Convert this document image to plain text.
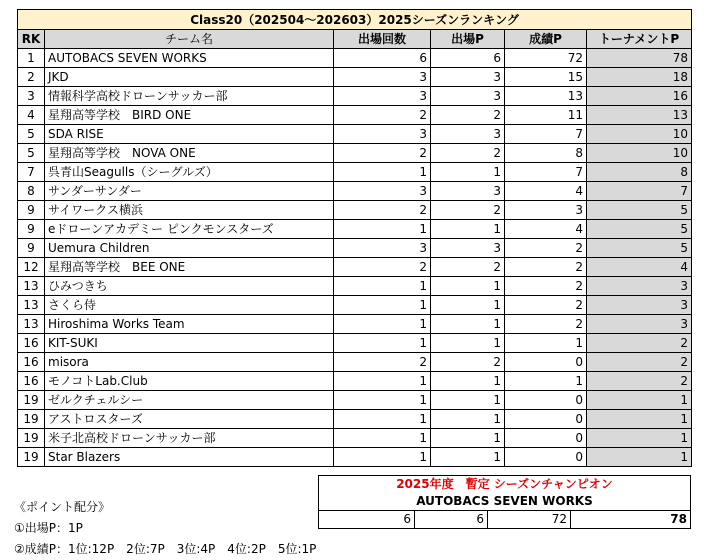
Class20（202504～202603）2025シーズンランキング					
RK	チーム名	出場回数	出場P	成績P	トーナメントP
1	AUTOBACS SEVEN WORKS	6	6	72	78
2	JKD	3	3	15	18
3	情報科学高校ドローンサッカー部	3	3	13	16
4	星翔高等学校　BIRD ONE	2	2	11	13
5	SDA RISE	3	3	7	10
5	星翔高等学校　NOVA ONE	2	2	8	10
7	呉青山Seagulls（シーグルズ）	1	1	7	8
8	サンダーサンダー	3	3	4	7
9	サイワークス横浜	2	2	3	5
9	eドローンアカデミー ピンクモンスターズ	1	1	4	5
9	Uemura Children	3	3	2	5
12	星翔高等学校　BEE ONE	2	2	2	4
13	ひみつきち	1	1	2	3
13	さくら侍	1	1	2	3
13	Hiroshima Works Team	1	1	2	3
16	KIT-SUKI	1	1	1	2
16	misora	2	2	0	2
16	モノコトLab.Club	1	1	1	2
19	ゼルクチェルシー	1	1	0	1
19	アストロスターズ	1	1	0	1
19	米子北高校ドローンサッカー部	1	1	0	1
19	Star Blazers	1	1	0	1
2025年度　暫定 シーズンチャンピオン
AUTOBACS SEVEN WORKS
6	6	72	78
《ポイント配分》
①出場P：1P
②成績P：1位:12P　2位:7P　3位:4P　4位:2P　5位:1P
